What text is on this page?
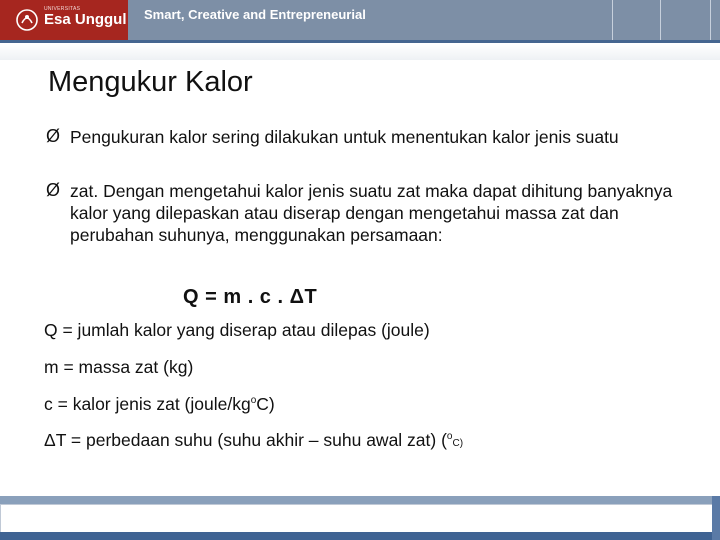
UNIVERSITAS
Esa Unggul Smart, Creative and Entrepreneurial
Mengukur Kalor
Ø Pengukuran kalor sering dilakukan untuk menentukan kalor jenis suatu
Ø zat. Dengan mengetahui kalor jenis suatu zat maka dapat dihitung banyaknya kalor yang dilepaskan atau diserap dengan mengetahui massa zat dan perubahan suhunya, menggunakan persamaan:
Q = m . c . ΔT
Q = jumlah kalor yang diserap atau dilepas (joule)
m = massa zat (kg)
c = kalor jenis zat $(joule/kg^oC)$
ΔT = perbedaan suhu (suhu akhir – suhu awal zat) ($^o$C)
